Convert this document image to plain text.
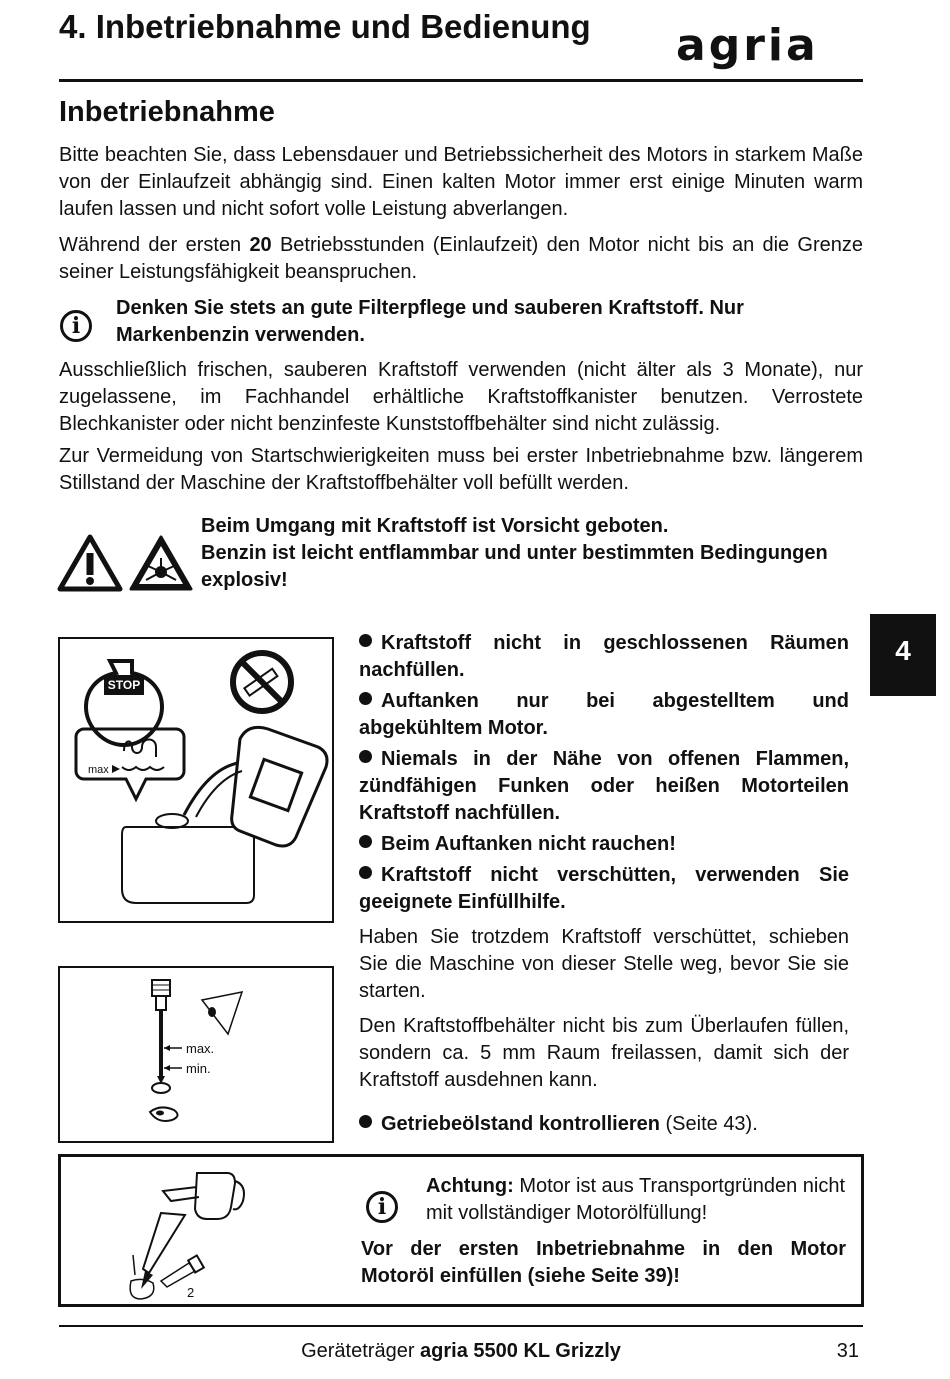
4. Inbetriebnahme und Bedienung agria
Inbetriebnahme

Bitte beachten Sie, dass Lebensdauer und Betriebssicherheit des Motors in starkem Maße von der Einlaufzeit abhängig sind. Einen kalten Motor immer erst einige Minuten warm laufen lassen und nicht sofort volle Leistung abverlangen.

Während der ersten 20 Betriebsstunden (Einlaufzeit) den Motor nicht bis an die Grenze seiner Leistungsfähigkeit beanspruchen.

i

Denken Sie stets an gute Filterpflege und sauberen Kraftstoff. Nur Markenbenzin verwenden.

Ausschließlich frischen, sauberen Kraftstoff verwenden (nicht älter als 3 Monate), nur zugelassene, im Fachhandel erhältliche Kraftstoffkanister benutzen. Verrostete Blechkanister oder nicht benzinfeste Kunststoffbehälter sind nicht zulässig.

Zur Vermeidung von Startschwierigkeiten muss bei erster Inbetriebnahme bzw. längerem Stillstand der Maschine der Kraftstoffbehälter voll befüllt werden.

Beim Umgang mit Kraftstoff ist Vorsicht geboten.
Benzin ist leicht entflammbar und unter bestimmten Bedingungen explosiv!
4
STOP
max
max.
min.
Kraftstoff nicht in geschlossenen Räumen nachfüllen.
Auftanken nur bei abgestelltem und abgekühltem Motor.
Niemals in der Nähe von offenen Flammen, zündfähigen Funken oder heißen Motorteilen Kraftstoff nachfüllen.
Beim Auftanken nicht rauchen!
Kraftstoff nicht verschütten, verwenden Sie geeignete Einfüllhilfe.

Haben Sie trotzdem Kraftstoff verschüttet, schieben Sie die Maschine von dieser Stelle weg, bevor Sie sie starten.

Den Kraftstoffbehälter nicht bis zum Überlaufen füllen, sondern ca. 5 mm Raum freilassen, damit sich der Kraftstoff ausdehnen kann.

Getriebeölstand kontrollieren (Seite 43).

2
i

Achtung: Motor ist aus Transportgründen nicht mit vollständiger Motorölfüllung!

Vor der ersten Inbetriebnahme in den Motor Motoröl einfüllen (siehe Seite 39)!

Geräteträger agria 5500 KL Grizzly	31
